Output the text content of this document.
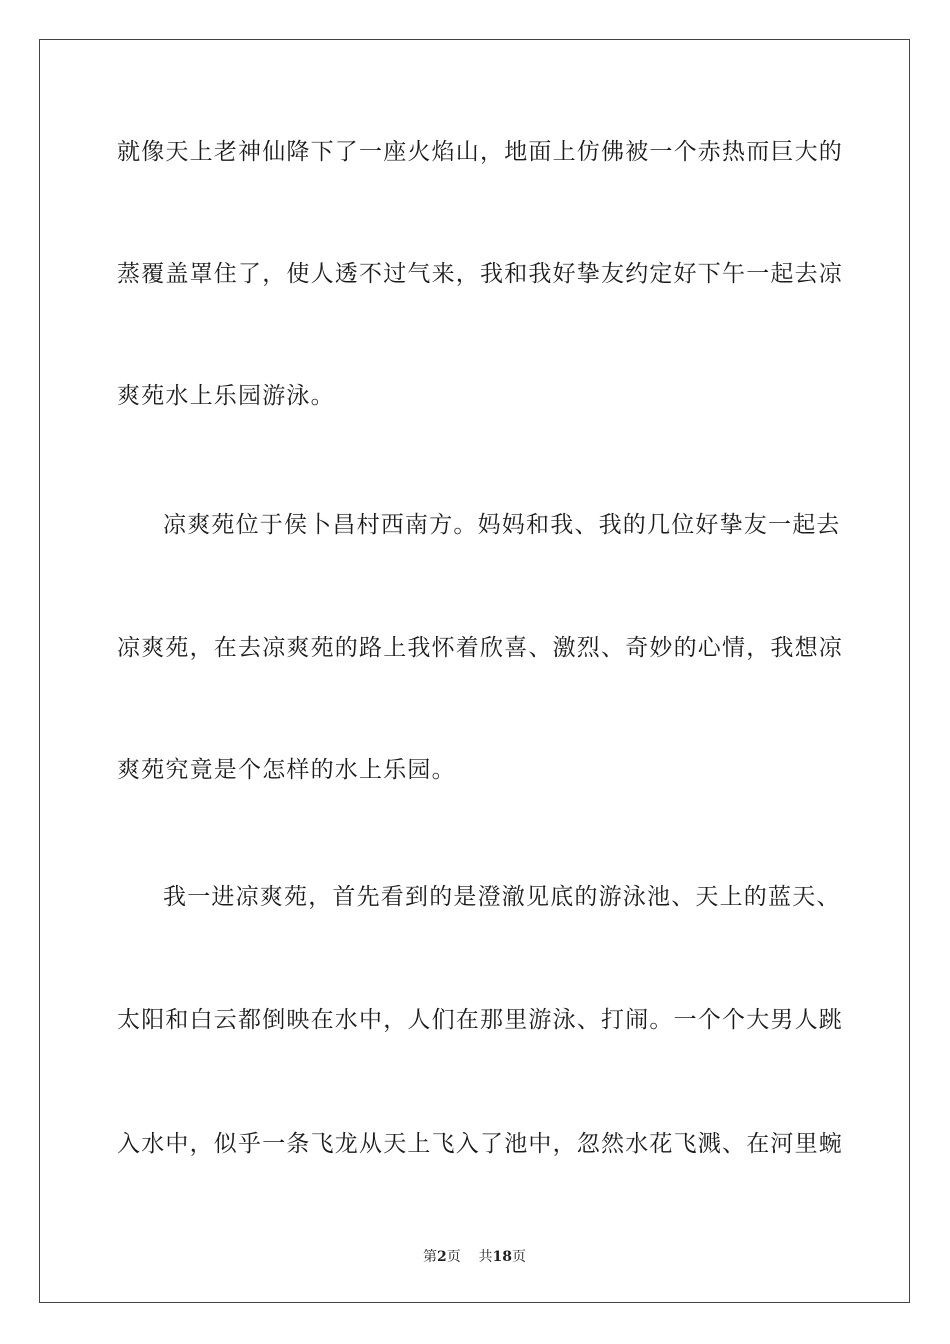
就像天上老神仙降下了一座火焰山，地面上仿佛被一个赤热而巨大的
蒸覆盖罩住了，使人透不过气来，我和我好挚友约定好下午一起去凉
爽苑水上乐园游泳。
凉爽苑位于侯卜昌村西南方。妈妈和我、我的几位好挚友一起去
凉爽苑，在去凉爽苑的路上我怀着欣喜、激烈、奇妙的心情，我想凉
爽苑究竟是个怎样的水上乐园。
我一进凉爽苑，首先看到的是澄澈见底的游泳池、天上的蓝天、
太阳和白云都倒映在水中，人们在那里游泳、打闹。一个个大男人跳
入水中，似乎一条飞龙从天上飞入了池中，忽然水花飞溅、在河里蜿
第2页 共18页
